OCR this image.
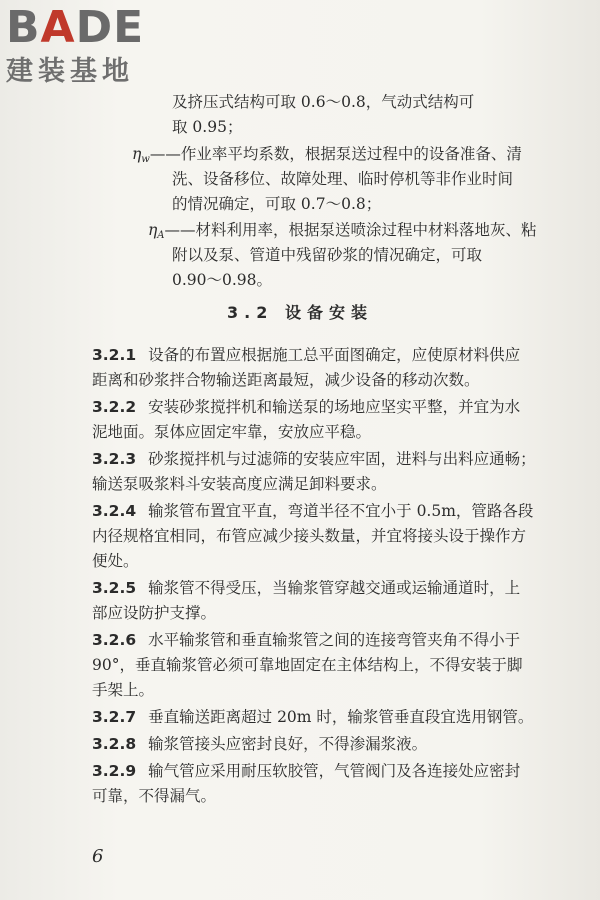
BADE
建装基地
及挤压式结构可取 0.6～0.8，气动式结构可
取 0.95；
$\eta_w——$作业率平均系数，根据泵送过程中的设备准备、清
洗、设备移位、故障处理、临时停机等非作业时间
的情况确定，可取 0.7～0.8；
$\eta_A——$材料利用率，根据泵送喷涂过程中材料落地灰、粘
附以及泵、管道中残留砂浆的情况确定，可取
0.90～0.98。
3.2 设备安装
3.2.1 设备的布置应根据施工总平面图确定，应使原材料供应
距离和砂浆拌合物输送距离最短，减少设备的移动次数。
3.2.2 安装砂浆搅拌机和输送泵的场地应坚实平整，并宜为水
泥地面。泵体应固定牢靠，安放应平稳。
3.2.3 砂浆搅拌机与过滤筛的安装应牢固，进料与出料应通畅；
输送泵吸浆料斗安装高度应满足卸料要求。
3.2.4 输浆管布置宜平直，弯道半径不宜小于 0.5m，管路各段
内径规格宜相同，布管应减少接头数量，并宜将接头设于操作方
便处。
3.2.5 输浆管不得受压，当输浆管穿越交通或运输通道时，上
部应设防护支撑。
3.2.6 水平输浆管和垂直输浆管之间的连接弯管夹角不得小于
90°，垂直输浆管必须可靠地固定在主体结构上，不得安装于脚
手架上。
3.2.7 垂直输送距离超过 20m 时，输浆管垂直段宜选用钢管。
3.2.8 输浆管接头应密封良好，不得渗漏浆液。
3.2.9 输气管应采用耐压软胶管，气管阀门及各连接处应密封
可靠，不得漏气。
6
